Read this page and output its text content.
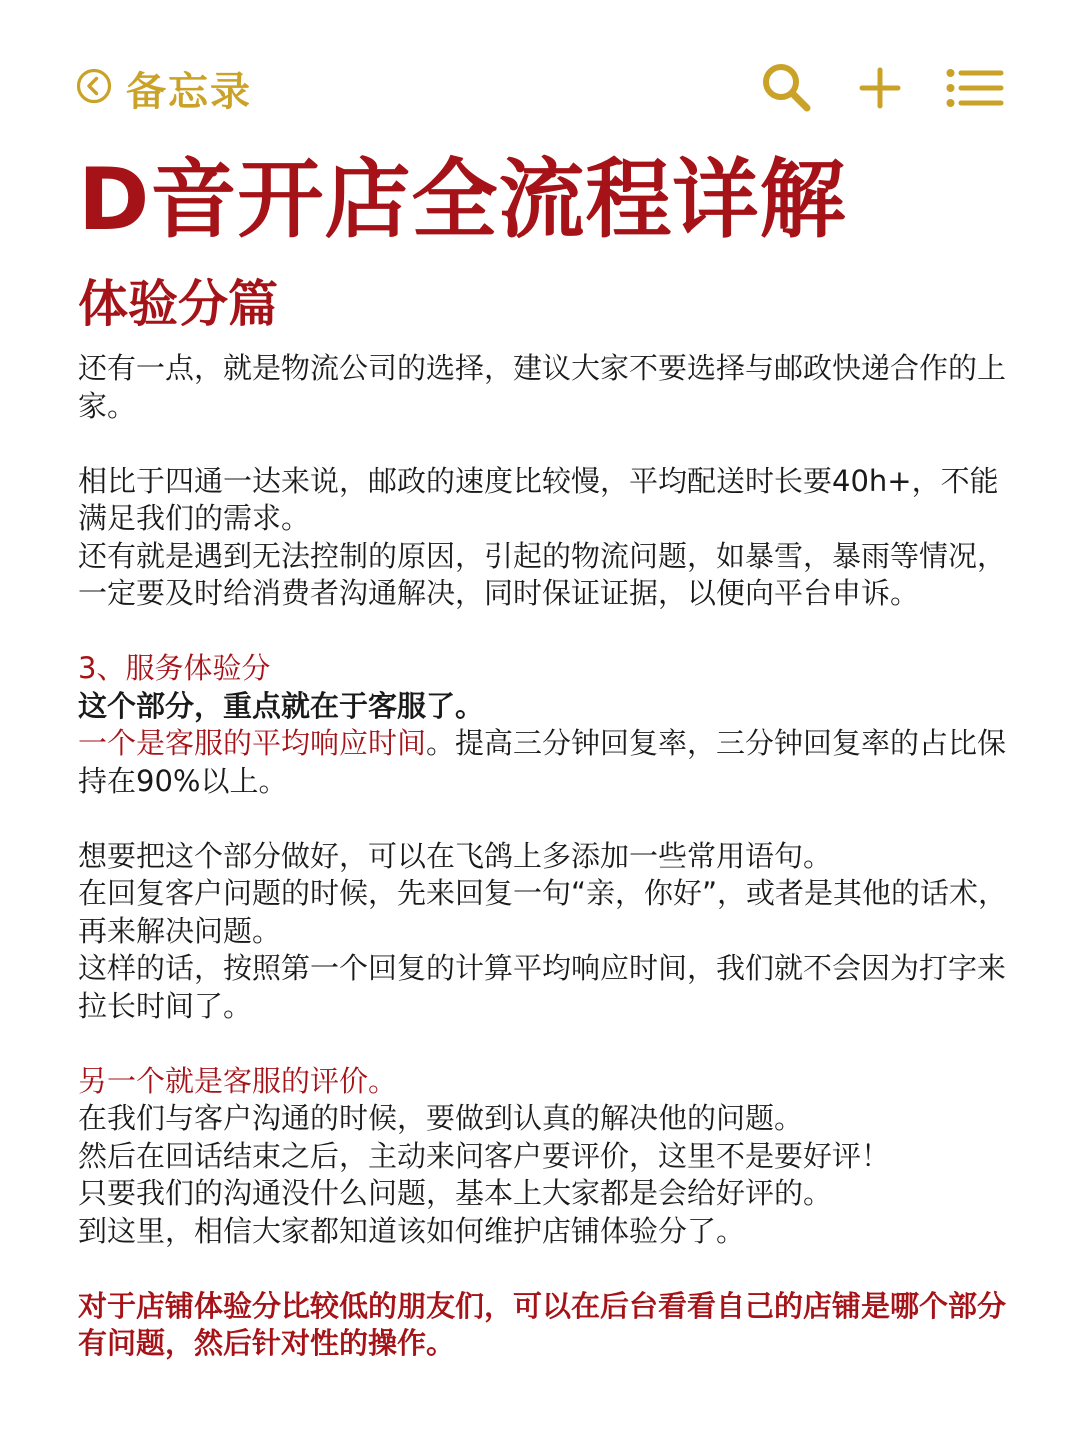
备忘录
D音开店全流程详解
体验分篇

还有一点，就是物流公司的选择，建议大家不要选择与邮政快递合作的上家。

相比于四通一达来说，邮政的速度比较慢，平均配送时长要40h+，不能满足我们的需求。

还有就是遇到无法控制的原因，引起的物流问题，如暴雪，暴雨等情况，一定要及时给消费者沟通解决，同时保证证据，以便向平台申诉。

3、服务体验分

这个部分，重点就在于客服了。

一个是客服的平均响应时间。提高三分钟回复率，三分钟回复率的占比保持在90%以上。

想要把这个部分做好，可以在飞鸽上多添加一些常用语句。

在回复客户问题的时候，先来回复一句“亲，你好”，或者是其他的话术，再来解决问题。

这样的话，按照第一个回复的计算平均响应时间，我们就不会因为打字来拉长时间了。

另一个就是客服的评价。

在我们与客户沟通的时候，要做到认真的解决他的问题。

然后在回话结束之后，主动来问客户要评价，这里不是要好评！

只要我们的沟通没什么问题，基本上大家都是会给好评的。

到这里，相信大家都知道该如何维护店铺体验分了。

对于店铺体验分比较低的朋友们，可以在后台看看自己的店铺是哪个部分有问题，然后针对性的操作。
